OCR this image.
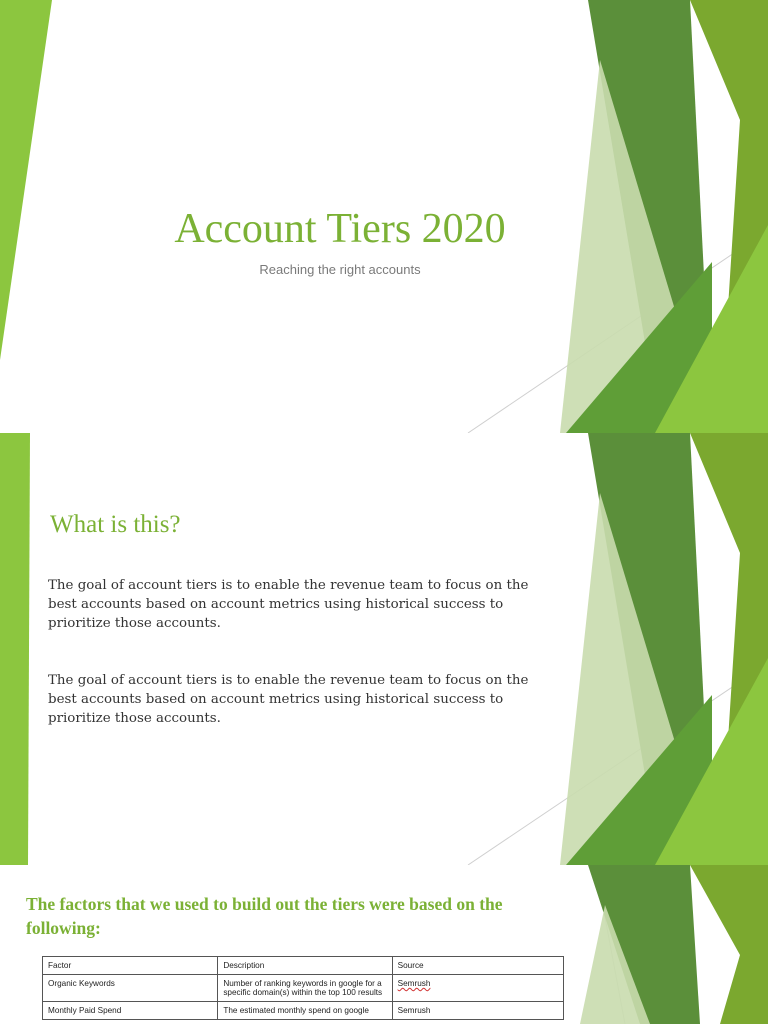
Account Tiers 2020

Reaching the right accounts

What is this?

The goal of account tiers is to enable the revenue team to focus on the best accounts based on account metrics using historical success to prioritize those accounts.

The goal of account tiers is to enable the revenue team to focus on the best accounts based on account metrics using historical success to prioritize those accounts.

The factors that we used to build out the tiers were based on the following:
Factor	Description	Source
Organic Keywords	Number of ranking keywords in google for a specific domain(s) within the top 100 results	Semrush
Monthly Paid Spend	The estimated monthly spend on google	Semrush
